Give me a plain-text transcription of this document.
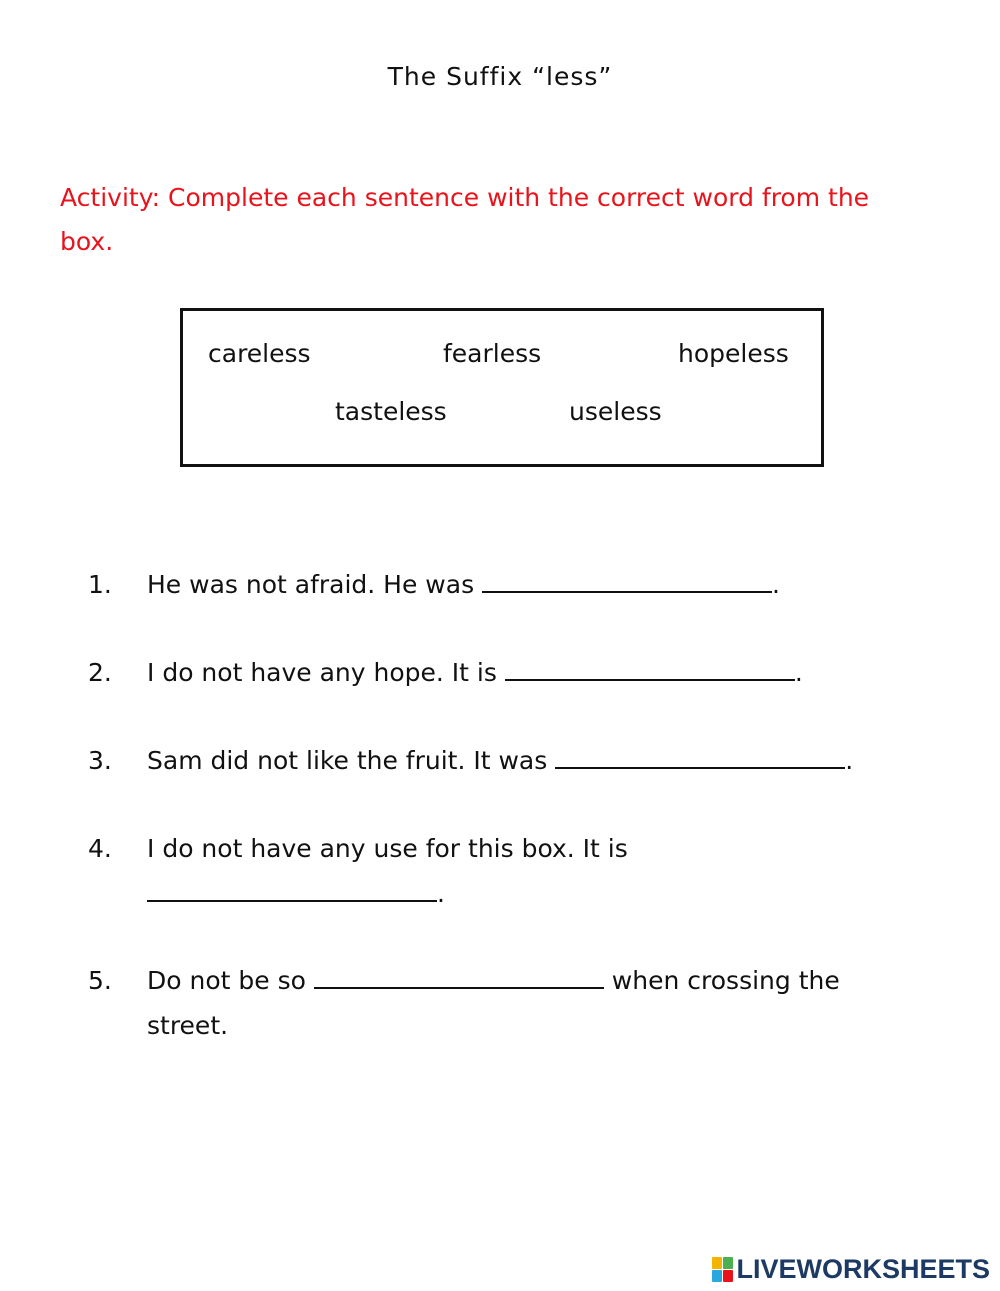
The Suffix “less”
Activity: Complete each sentence with the correct word from the box.
careless	fearless	hopeless
tasteless	useless
1. He was not afraid. He was	.
2. I do not have any hope. It is	.
3. Sam did not like the fruit. It was	.
4. I do not have any use for this box. It is
.
5. Do not be so	when crossing the street.
LIVEWORKSHEETS
